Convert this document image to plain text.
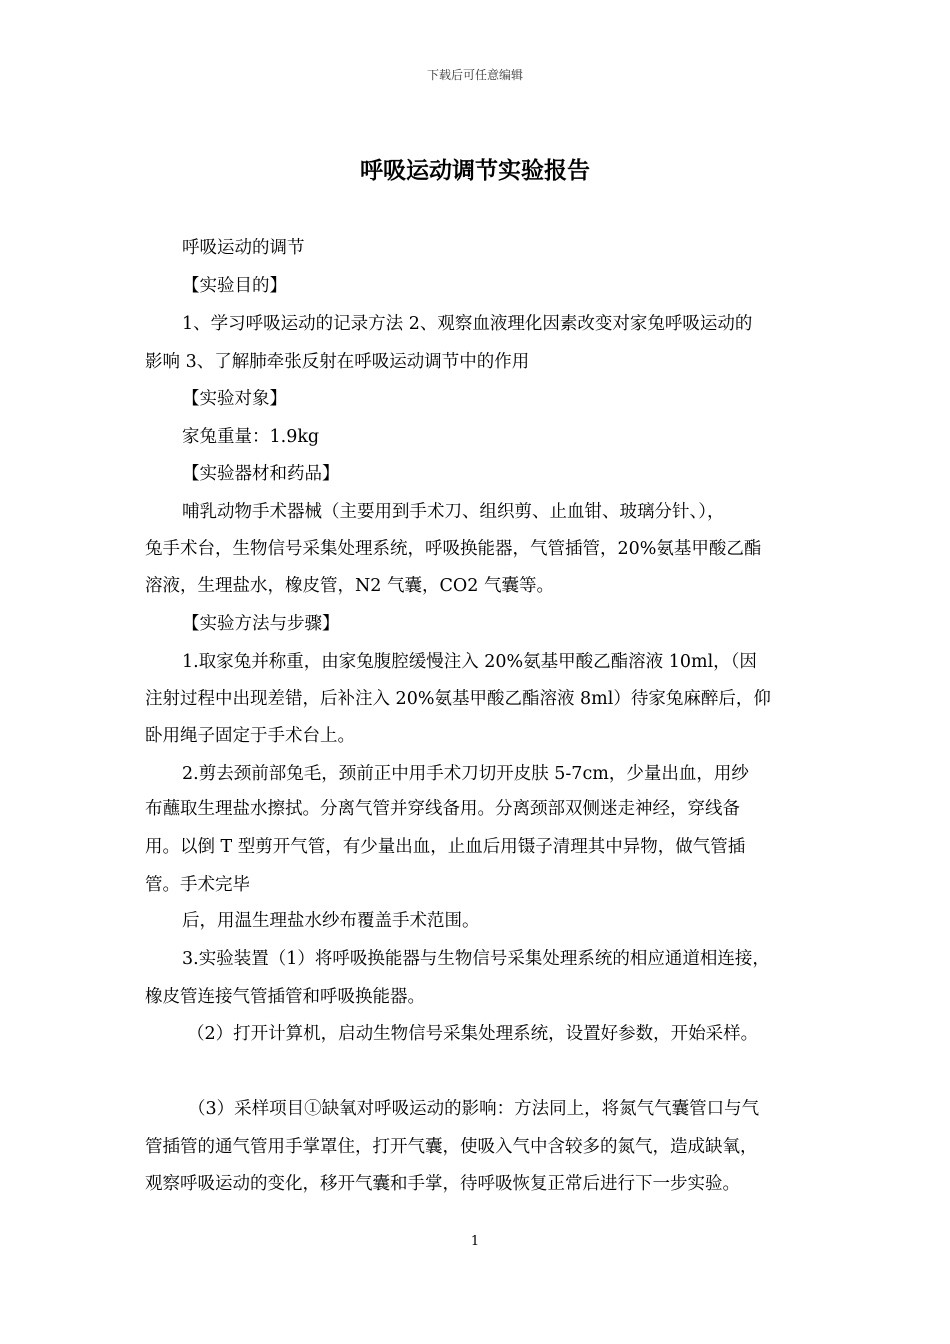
下载后可任意编辑
呼吸运动调节实验报告
呼吸运动的调节
【实验目的】
1、学习呼吸运动的记录方法 2、观察血液理化因素改变对家兔呼吸运动的
影响 3、了解肺牵张反射在呼吸运动调节中的作用
【实验对象】
家兔重量：1.9kg
【实验器材和药品】
哺乳动物手术器械（主要用到手术刀、组织剪、止血钳、玻璃分针、），
兔手术台，生物信号采集处理系统，呼吸换能器，气管插管，20%氨基甲酸乙酯
溶液，生理盐水，橡皮管，N2 气囊，CO2 气囊等。
【实验方法与步骤】
1.取家兔并称重，由家兔腹腔缓慢注入 20%氨基甲酸乙酯溶液 10ml，（因
注射过程中出现差错，后补注入 20%氨基甲酸乙酯溶液 8ml）待家兔麻醉后，仰
卧用绳子固定于手术台上。
2.剪去颈前部兔毛，颈前正中用手术刀切开皮肤 5-7cm，少量出血，用纱
布蘸取生理盐水擦拭。分离气管并穿线备用。分离颈部双侧迷走神经，穿线备
用。以倒 T 型剪开气管，有少量出血，止血后用镊子清理其中异物，做气管插
管。手术完毕
后，用温生理盐水纱布覆盖手术范围。
3.实验装置（1）将呼吸换能器与生物信号采集处理系统的相应通道相连接，
橡皮管连接气管插管和呼吸换能器。
（2）打开计算机，启动生物信号采集处理系统，设置好参数，开始采样。
（3）采样项目①缺氧对呼吸运动的影响：方法同上，将氮气气囊管口与气
管插管的通气管用手掌罩住，打开气囊，使吸入气中含较多的氮气，造成缺氧，
观察呼吸运动的变化，移开气囊和手掌，待呼吸恢复正常后进行下一步实验。
1
